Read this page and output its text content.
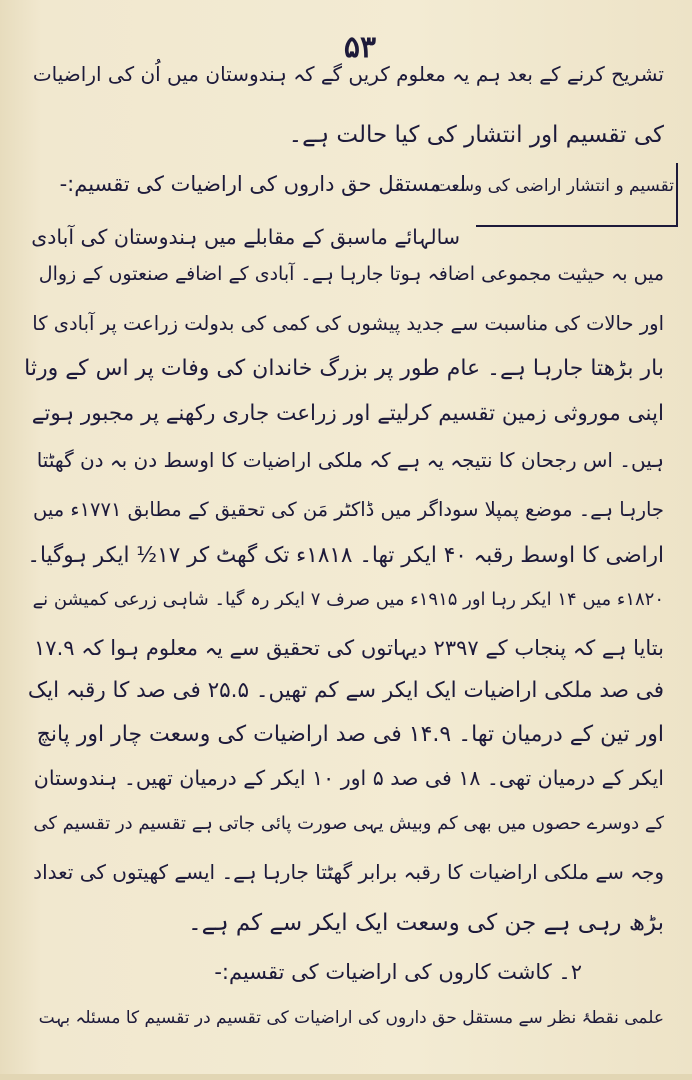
۵۳
تشریح کرنے کے بعد ہم یہ معلوم کریں گے کہ ہندوستان میں اُن کی اراضیات
کی تقسیم اور انتشار کی کیا حالت ہے۔
تقسیم و انتشار اراضی کی وسعت
ا۔ مستقل حق داروں کی اراضیات کی تقسیم:-
سالہائے ماسبق کے مقابلے میں ہندوستان کی آبادی
میں بہ حیثیت مجموعی اضافہ ہوتا جارہا ہے۔ آبادی کے اضافے صنعتوں کے زوال
اور حالات کی مناسبت سے جدید پیشوں کی کمی کی بدولت زراعت پر آبادی کا
بار بڑھتا جارہا ہے۔ عام طور پر بزرگ خاندان کی وفات پر اس کے ورثا
اپنی موروثی زمین تقسیم کرلیتے اور زراعت جاری رکھنے پر مجبور ہوتے
ہیں۔ اس رجحان کا نتیجہ یہ ہے کہ ملکی اراضیات کا اوسط دن بہ دن گھٹتا
جارہا ہے۔ موضع پمپلا سوداگر میں ڈاکٹر مَن کی تحقیق کے مطابق ۱۷۷۱ء میں
اراضی کا اوسط رقبہ ۴۰ ایکر تھا۔ ۱۸۱۸ء تک گھٹ کر ۱۷½ ایکر ہوگیا۔
۱۸۲۰ء میں ۱۴ ایکر رہا اور ۱۹۱۵ء میں صرف ۷ ایکر رہ گیا۔ شاہی زرعی کمیشن نے
بتایا ہے کہ پنجاب کے ۲۳۹۷ دیہاتوں کی تحقیق سے یہ معلوم ہوا کہ ۱۷.۹
فی صد ملکی اراضیات ایک ایکر سے کم تھیں۔ ۲۵.۵ فی صد کا رقبہ ایک
اور تین کے درمیان تھا۔ ۱۴.۹ فی صد اراضیات کی وسعت چار اور پانچ
ایکر کے درمیان تھی۔ ۱۸ فی صد ۵ اور ۱۰ ایکر کے درمیان تھیں۔ ہندوستان
کے دوسرے حصوں میں بھی کم وبیش یہی صورت پائی جاتی ہے تقسیم در تقسیم کی
وجہ سے ملکی اراضیات کا رقبہ برابر گھٹتا جارہا ہے۔ ایسے کھیتوں کی تعداد
بڑھ رہی ہے جن کی وسعت ایک ایکر سے کم ہے۔
۲۔ کاشت کاروں کی اراضیات کی تقسیم:-
علمی نقطۂ نظر سے مستقل حق داروں کی اراضیات کی تقسیم در تقسیم کا مسئلہ بہت
